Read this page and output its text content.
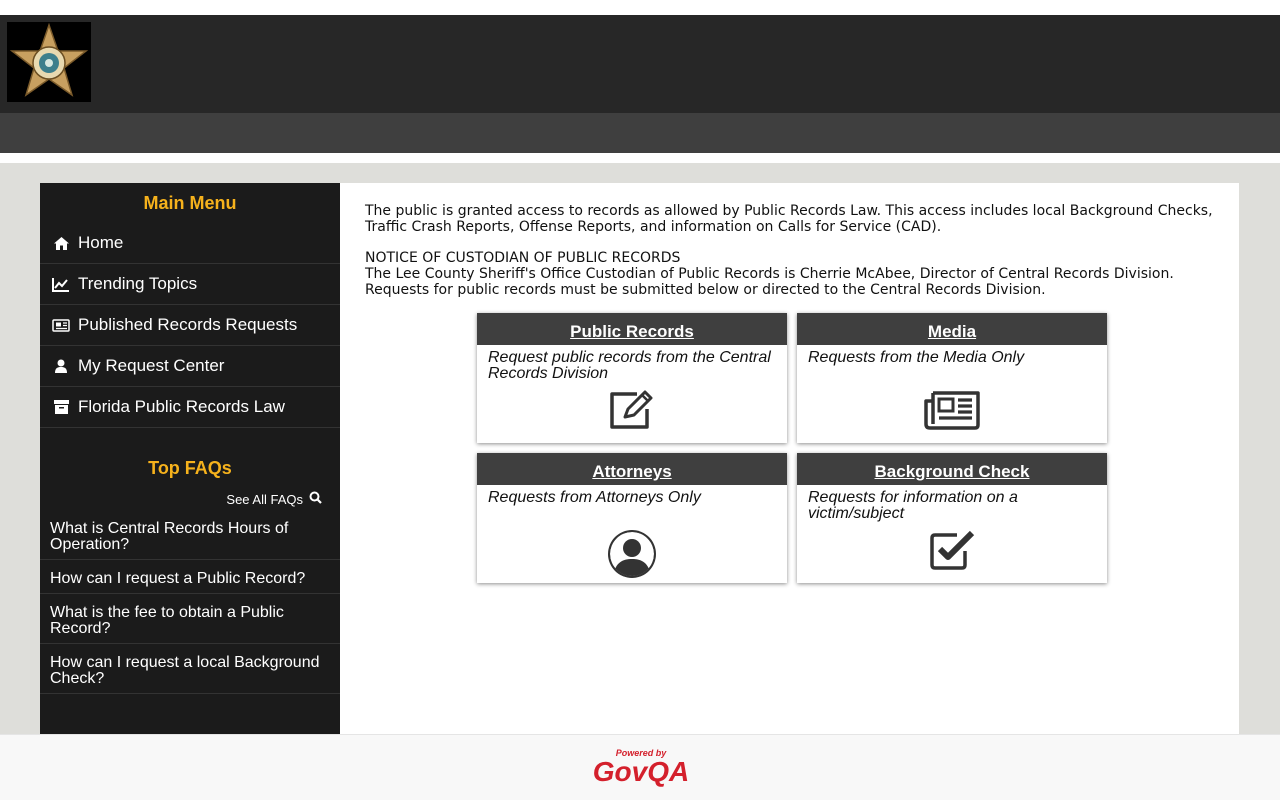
Main Menu
Home
Trending Topics
Published Records Requests
My Request Center
Florida Public Records Law
Top FAQs
See All FAQs
What is Central Records Hours of Operation?
How can I request a Public Record?
What is the fee to obtain a Public Record?
How can I request a local Background Check?
The public is granted access to records as allowed by Public Records Law. This access includes local Background Checks, Traffic Crash Reports, Offense Reports, and information on Calls for Service (CAD).
NOTICE OF CUSTODIAN OF PUBLIC RECORDS
The Lee County Sheriff's Office Custodian of Public Records is Cherrie McAbee, Director of Central Records Division.
Requests for public records must be submitted below or directed to the Central Records Division.
Public Records
Request public records from the Central Records Division
Media
Requests from the Media Only
Attorneys
Requests from Attorneys Only
Background Check
Requests for information on a victim/subject
Powered by
GovQA
